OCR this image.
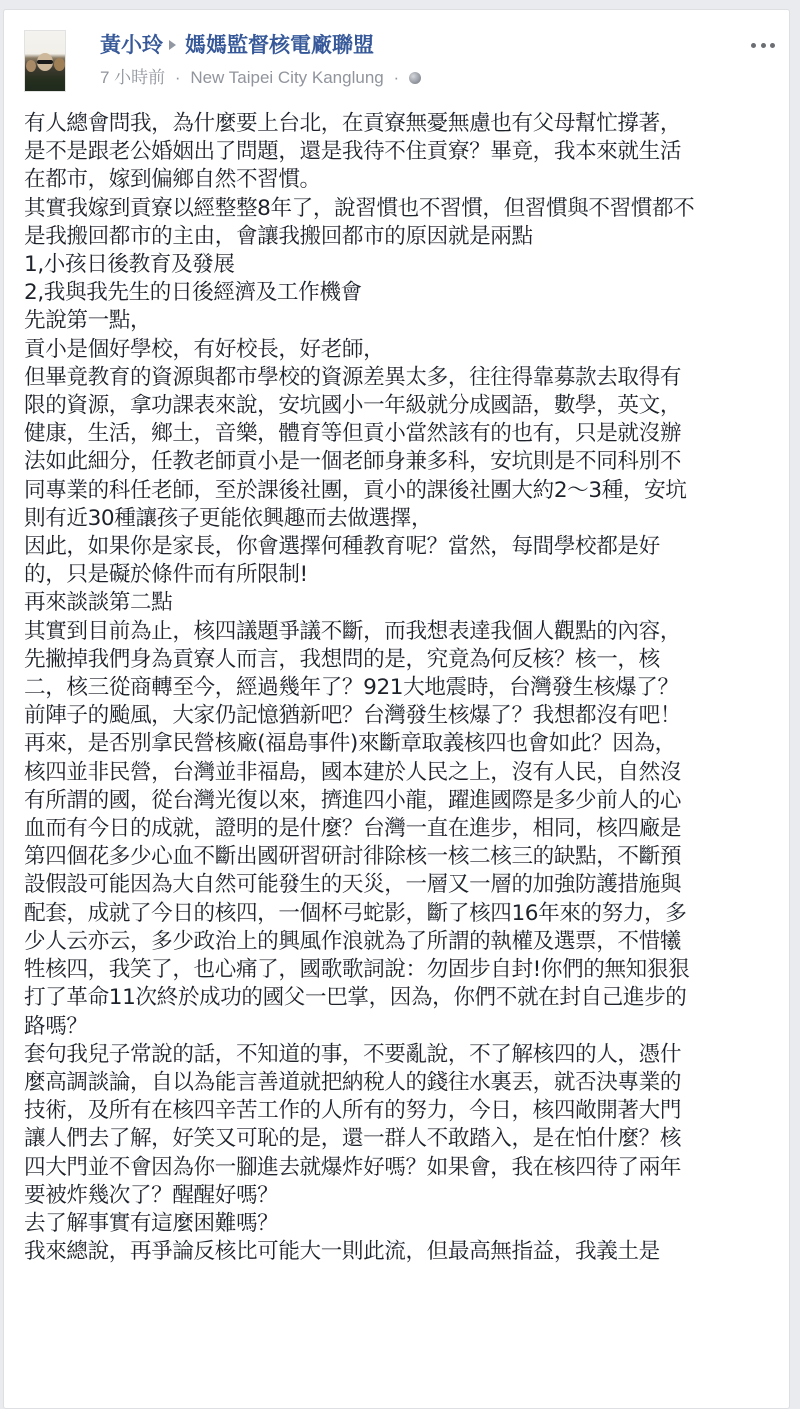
黃小玲 媽媽監督核電廠聯盟
7 小時前 · New Taipei City Kanglung ·

有人總會問我，為什麼要上台北，在貢寮無憂無慮也有父母幫忙撐著，

是不是跟老公婚姻出了問題，還是我待不住貢寮？畢竟，我本來就生活

在都市，嫁到偏鄉自然不習慣。

其實我嫁到貢寮以經整整8年了，說習慣也不習慣，但習慣與不習慣都不

是我搬回都市的主由，會讓我搬回都市的原因就是兩點

1,小孩日後教育及發展

2,我與我先生的日後經濟及工作機會

先說第一點，

貢小是個好學校，有好校長，好老師，

但畢竟教育的資源與都市學校的資源差異太多，往往得靠募款去取得有

限的資源，拿功課表來說，安坑國小一年級就分成國語，數學，英文，

健康，生活，鄉土，音樂，體育等但貢小當然該有的也有，只是就沒辦

法如此細分，任教老師貢小是一個老師身兼多科，安坑則是不同科別不

同專業的科任老師，至於課後社團，貢小的課後社團大約2～3種，安坑

則有近30種讓孩子更能依興趣而去做選擇，

因此，如果你是家長，你會選擇何種教育呢？當然，每間學校都是好

的，只是礙於條件而有所限制!

再來談談第二點

其實到目前為止，核四議題爭議不斷，而我想表達我個人觀點的內容，

先撇掉我們身為貢寮人而言，我想問的是，究竟為何反核？核一，核

二，核三從商轉至今，經過幾年了？921大地震時，台灣發生核爆了？

前陣子的颱風，大家仍記憶猶新吧？台灣發生核爆了？我想都沒有吧！

再來，是否別拿民營核廠(福島事件)來斷章取義核四也會如此？因為，

核四並非民營，台灣並非福島，國本建於人民之上，沒有人民，自然沒

有所謂的國，從台灣光復以來，擠進四小龍，躍進國際是多少前人的心

血而有今日的成就，證明的是什麼？台灣一直在進步，相同，核四廠是

第四個花多少心血不斷出國研習研討徘除核一核二核三的缺點，不斷預

設假設可能因為大自然可能發生的天災，一層又一層的加強防護措施與

配套，成就了今日的核四，一個杯弓蛇影，斷了核四16年來的努力，多

少人云亦云，多少政治上的興風作浪就為了所謂的執權及選票，不惜犧

牲核四，我笑了，也心痛了，國歌歌詞說：勿固步自封!你們的無知狠狠

打了革命11次終於成功的國父一巴掌，因為，你們不就在封自己進步的

路嗎？

套句我兒子常說的話，不知道的事，不要亂說，不了解核四的人，憑什

麼高調談論，自以為能言善道就把納稅人的錢往水裏丟，就否決專業的

技術，及所有在核四辛苦工作的人所有的努力，今日，核四敞開著大門

讓人們去了解，好笑又可恥的是，還一群人不敢踏入，是在怕什麼？核

四大門並不會因為你一腳進去就爆炸好嗎？如果會，我在核四待了兩年

要被炸幾次了？醒醒好嗎？

去了解事實有這麼困難嗎？

我來總說，再爭論反核比可能大一則此流，但最高無指益，我義土是
